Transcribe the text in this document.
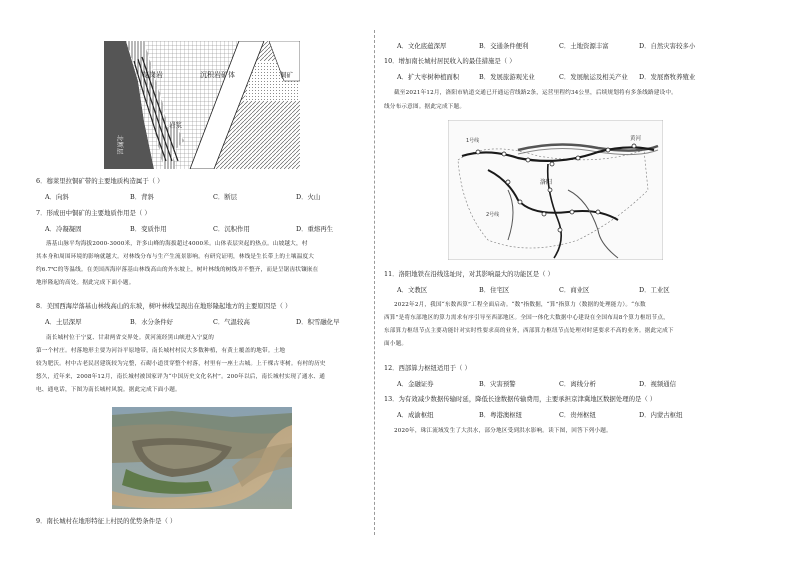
花岗岩	沉积岩矿体
岩浆
铜矿
北断层
6．穆莱里拉铜矿带的主要地质构造属于（ ）
A．向斜	B．背斜	C．断层	D．火山
7．形成田中铜矿的主要地质作用是（ ）
A．冷凝凝固	B．变质作用	C．沉积作用	D．重熔再生
落基山脉平均海拔2000-3000米，许多山峰的海拔超过4000米。山体表层突起的热点。山坡越大，村
其本身和周围环境的影响就越大。对林线分布与生产生流景影响。有研究证明，林线是生长带上的土壤温度大
约6.7℃的等温线。在美国西海岸落基山林线高山的外东坡上，树叶林线的树线并不整齐，而是呈锯齿状镶嵌在
地形隆起的高处。据此完成下面小题。
8．美国西海岸落基山林线高山的东坡，树叶林线呈现出在地形隆起地方的主要原因是（ ）
A．土层深厚	B．水分条件好	C．气温较高	D．积雪融化早
南长城村位于宁夏、甘肃两省交界处。黄河流经黑山峡进入宁夏的
第一个村庄。村落地形主要为河谷平原地带，南长城村村民大多数种植，有黄土覆盖的地带。土地
较为肥沃。村中古老民居建筑较为完整，石砌小道贯穿整个村落，村里有一座土古城。上千棵古枣树。有村的历史
悠久，近年来，2008年12月，南长城村被国家评为“中国历史文化名村”。200年以后，南长城村实现了通水、通
电、通电话，下图为南长城村风貌。据此完成下面小题。
9．南长城村在地形特征上村民的优势条件是（ ）
A．文化底蕴深厚	B．交通条件便利	C．土地资源丰富	D．自然灾害较多小
10．增加南长城村居民收入的最佳措施是（ ）
A．扩大枣树种植面积	B．发展旅游观光业	C．发展航运及相关产业 D．发展畜牧养殖业
截至2021年12月，洛阳市轨道交通已开通运营线路2条，运营里程约34公里，后续规划将有多条线路建设中。
线分布示意图。据此完成下题。
黄河
洛阳
1号线
2号线
11．洛阳地铁在沿线选址时，对其影响最大的功能区是（ ）
A．文教区	B．住宅区	C．商业区	D．工业区
2022年2月，我国“东数西算”工程全面启动。“数”指数据，“算”指算力（数据的处理能力）。“东数
西算”是将东部地区的算力需求有序引导至西部地区。全国一体化大数据中心建设在全国布局8个算力枢纽节点，
东部算力枢纽节点主要功能针对实时性要求高的业务，西部算力枢纽节点处理对时延要求不高的业务。据此完成下
面小题。
12．西部算力枢纽适用于（ ）
A．金融证券	B．灾害预警	C．离线分析	D．视频通信
13．为有效减少数据传输时延，降低长途数据传输费用，主要承担京津冀地区数据处理的是（ ）
A．成渝枢纽	B．粤港澳枢纽	C．贵州枢纽	D．内蒙古枢纽
2020年，珠江流域发生了大洪水，部分地区受到洪水影响。读下图，回答下列小题。
